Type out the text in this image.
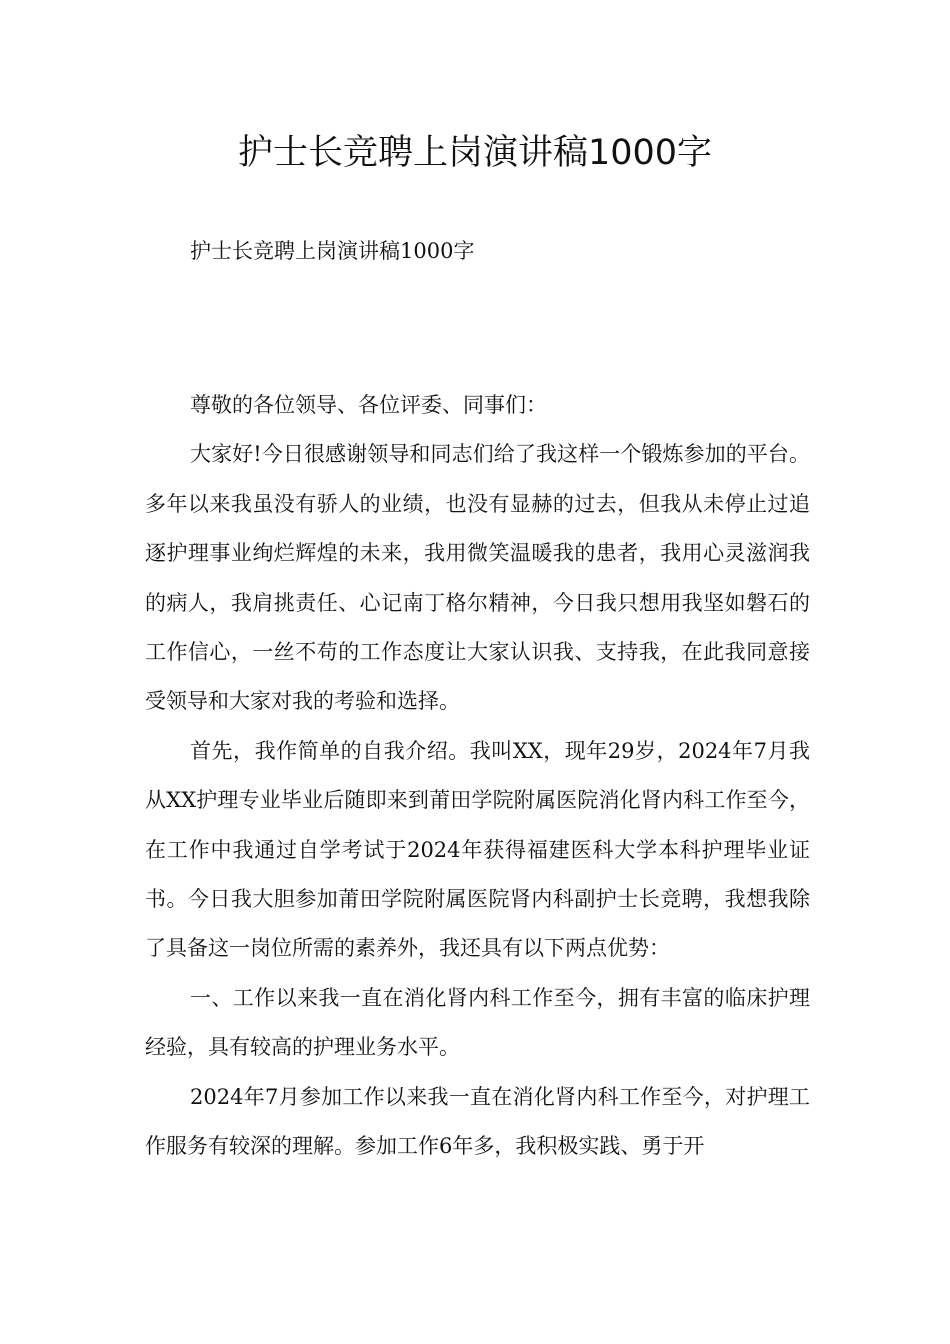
护士长竞聘上岗演讲稿1000字
护士长竞聘上岗演讲稿1000字

尊敬的各位领导、各位评委、同事们：

大家好!今日很感谢领导和同志们给了我这样一个锻炼参加的平台。多年以来我虽没有骄人的业绩，也没有显赫的过去，但我从未停止过追逐护理事业绚烂辉煌的未来，我用微笑温暖我的患者，我用心灵滋润我的病人，我肩挑责任、心记南丁格尔精神，今日我只想用我坚如磐石的工作信心，一丝不苟的工作态度让大家认识我、支持我，在此我同意接受领导和大家对我的考验和选择。

首先，我作简单的自我介绍。我叫XX，现年29岁，2024年7月我从XX护理专业毕业后随即来到莆田学院附属医院消化肾内科工作至今，在工作中我通过自学考试于2024年获得福建医科大学本科护理毕业证书。今日我大胆参加莆田学院附属医院肾内科副护士长竞聘，我想我除了具备这一岗位所需的素养外，我还具有以下两点优势：

一、工作以来我一直在消化肾内科工作至今，拥有丰富的临床护理经验，具有较高的护理业务水平。

2024年7月参加工作以来我一直在消化肾内科工作至今，对护理工作服务有较深的理解。参加工作6年多，我积极实践、勇于开
